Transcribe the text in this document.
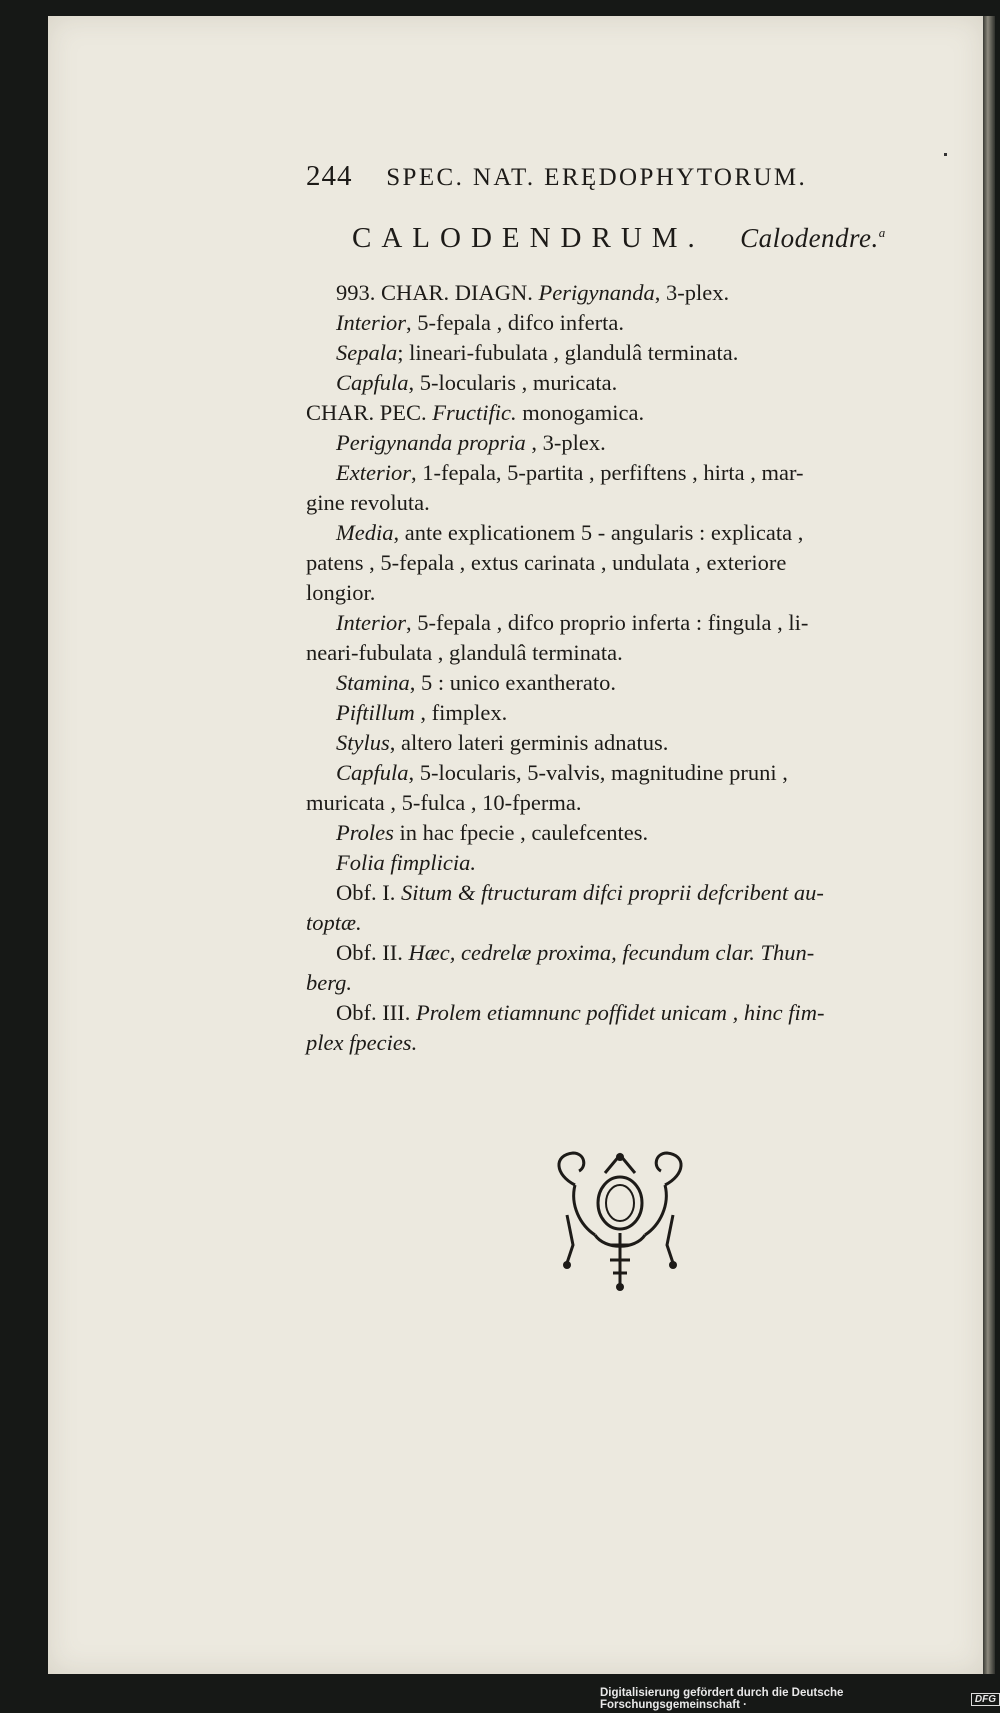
244 SPEC. NAT. ERĘDOPHYTORUM.
CALODENDRUM. Calodendre.$^a$
993. CHAR. DIAGN. Perigynanda, 3-plex.
Interior, 5-fepala , difco inferta.
Sepala; lineari-fubulata , glandulâ terminata.
Capfula, 5-locularis , muricata.
CHAR. PEC. Fructific. monogamica.
Perigynanda propria , 3-plex.
Exterior, 1-fepala, 5-partita , perfiftens , hirta , mar-
gine revoluta.
Media, ante explicationem 5 - angularis : explicata ,
patens , 5-fepala , extus carinata , undulata , exteriore
longior.
Interior, 5-fepala , difco proprio inferta : fingula , li-
neari-fubulata , glandulâ terminata.
Stamina, 5 : unico exantherato.
Piftillum , fimplex.
Stylus, altero lateri germinis adnatus.
Capfula, 5-locularis, 5-valvis, magnitudine pruni ,
muricata , 5-fulca , 10-fperma.
Proles in hac fpecie , caulefcentes.
Folia fimplicia.
Obf. I. Situm & ftructuram difci proprii defcribent au-
toptæ.
Obf. II. Hæc, cedrelæ proxima, fecundum clar. Thun-
berg.
Obf. III. Prolem etiamnunc poffidet unicam , hinc fim-
plex fpecies.
Digitalisierung gefördert durch die Deutsche Forschungsgemeinschaft ·	DFG
